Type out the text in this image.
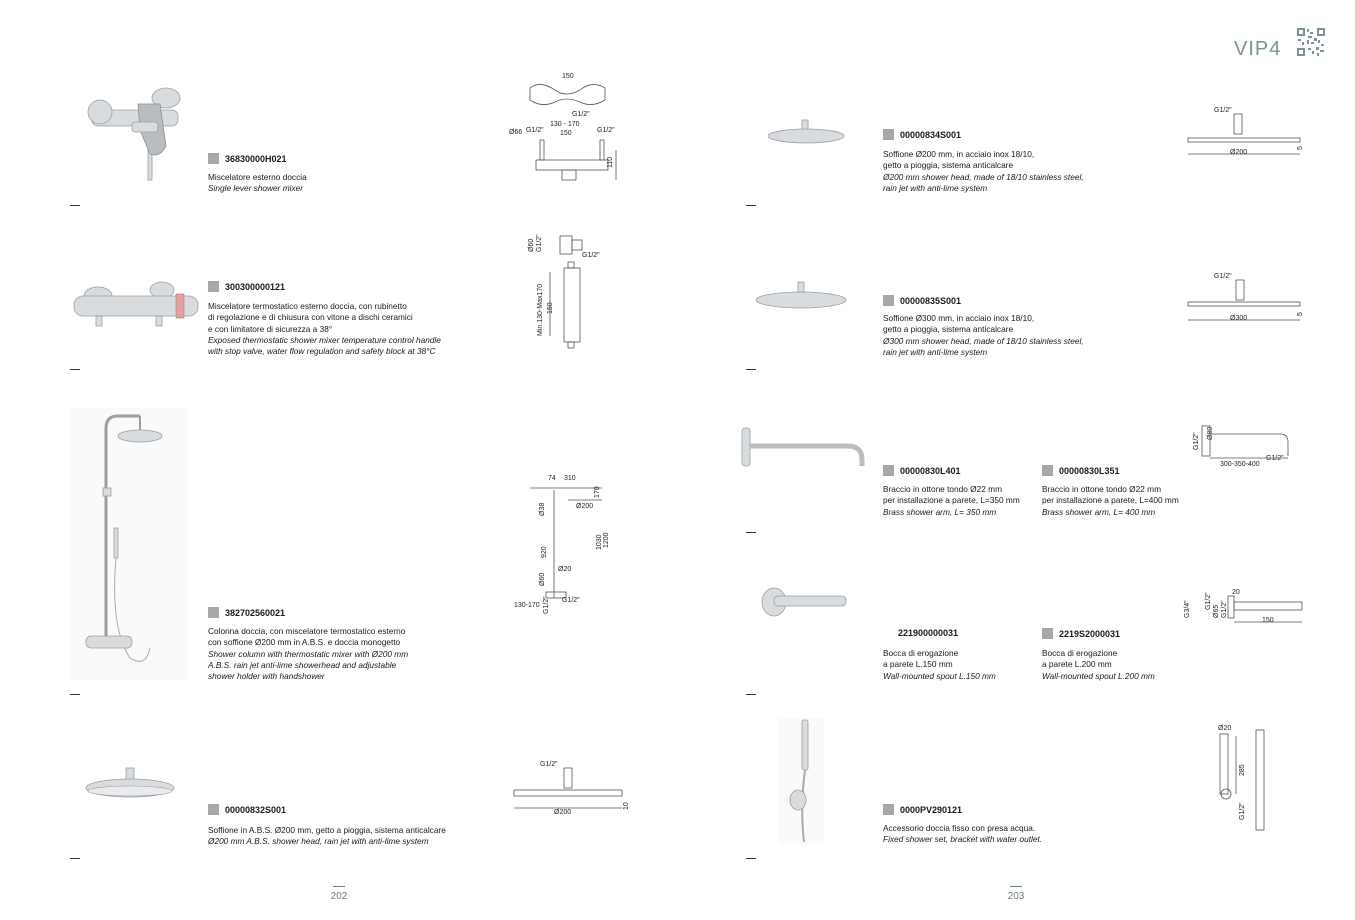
VIP4
36830000H021
Miscelatore esterno doccia
Single lever shower mixer
150
G1/2"
130 - 170
Ø66 G1/2" 150	G1/2"
110
300300000121
Miscelatore termostatico esterno doccia, con rubinetto
di regolazione e di chiusura con vitone a dischi ceramici
e con limitatore di sicurezza a 38°
Exposed thermostatic shower mixer temperature control handle
with stop valve, water flow regulation and safety block at 38°C
Ø60 G1/2"
G1/2"
Min.130-Max170 150
382702560021
Colonna doccia, con miscelatore termostatico esterno
con soffione Ø200 mm in A.B.S. e doccia monogetto
Shower column with thermostatic mixer with Ø200 mm
A.B.S. rain jet anti-lime showerhead and adjustable
shower holder with handshower
74 310
170
Ø200
Ø38
920
1030 1200
Ø20
Ø60
130-170 G1/2" G1/2"
00000832S001
Soffione in A.B.S. Ø200 mm, getto a pioggia, sistema anticalcare
Ø200 mm A.B.S. shower head, rain jet with anti-lime system
G1/2"
Ø200
10
202
00000834S001
Soffione Ø200 mm, in acciaio inox 18/10,
getto a pioggia, sistema anticalcare
Ø200 mm shower head, made of 18/10 stainless steel,
rain jet with anti-lime system
G1/2"
Ø200
5
00000835S001
Soffione Ø300 mm, in acciaio inox 18/10,
getto a pioggia, sistema anticalcare
Ø300 mm shower head, made of 18/10 stainless steel,
rain jet with anti-lime system
G1/2"
Ø300
5
00000830L401
Braccio in ottone tondo Ø22 mm
per installazione a parete, L=350 mm
Brass shower arm, L= 350 mm
00000830L351
Braccio in ottone tondo Ø22 mm
per installazione a parete, L=400 mm
Brass shower arm, L= 400 mm
G1/2" Ø80
G1/2"
300-350-400
221900000031
Bocca di erogazione
a parete L.150 mm
Wall-mounted spout L.150 mm
2219S2000031
Bocca di erogazione
a parete L.200 mm
Wall-mounted spout L.200 mm
G3/4" G1/2"
Ø65 G1/2"
20
150
0000PV290121
Accessorio doccia fisso con presa acqua.
Fixed shower set, bracket with water outlet.
Ø20
285
G1/2"
203
